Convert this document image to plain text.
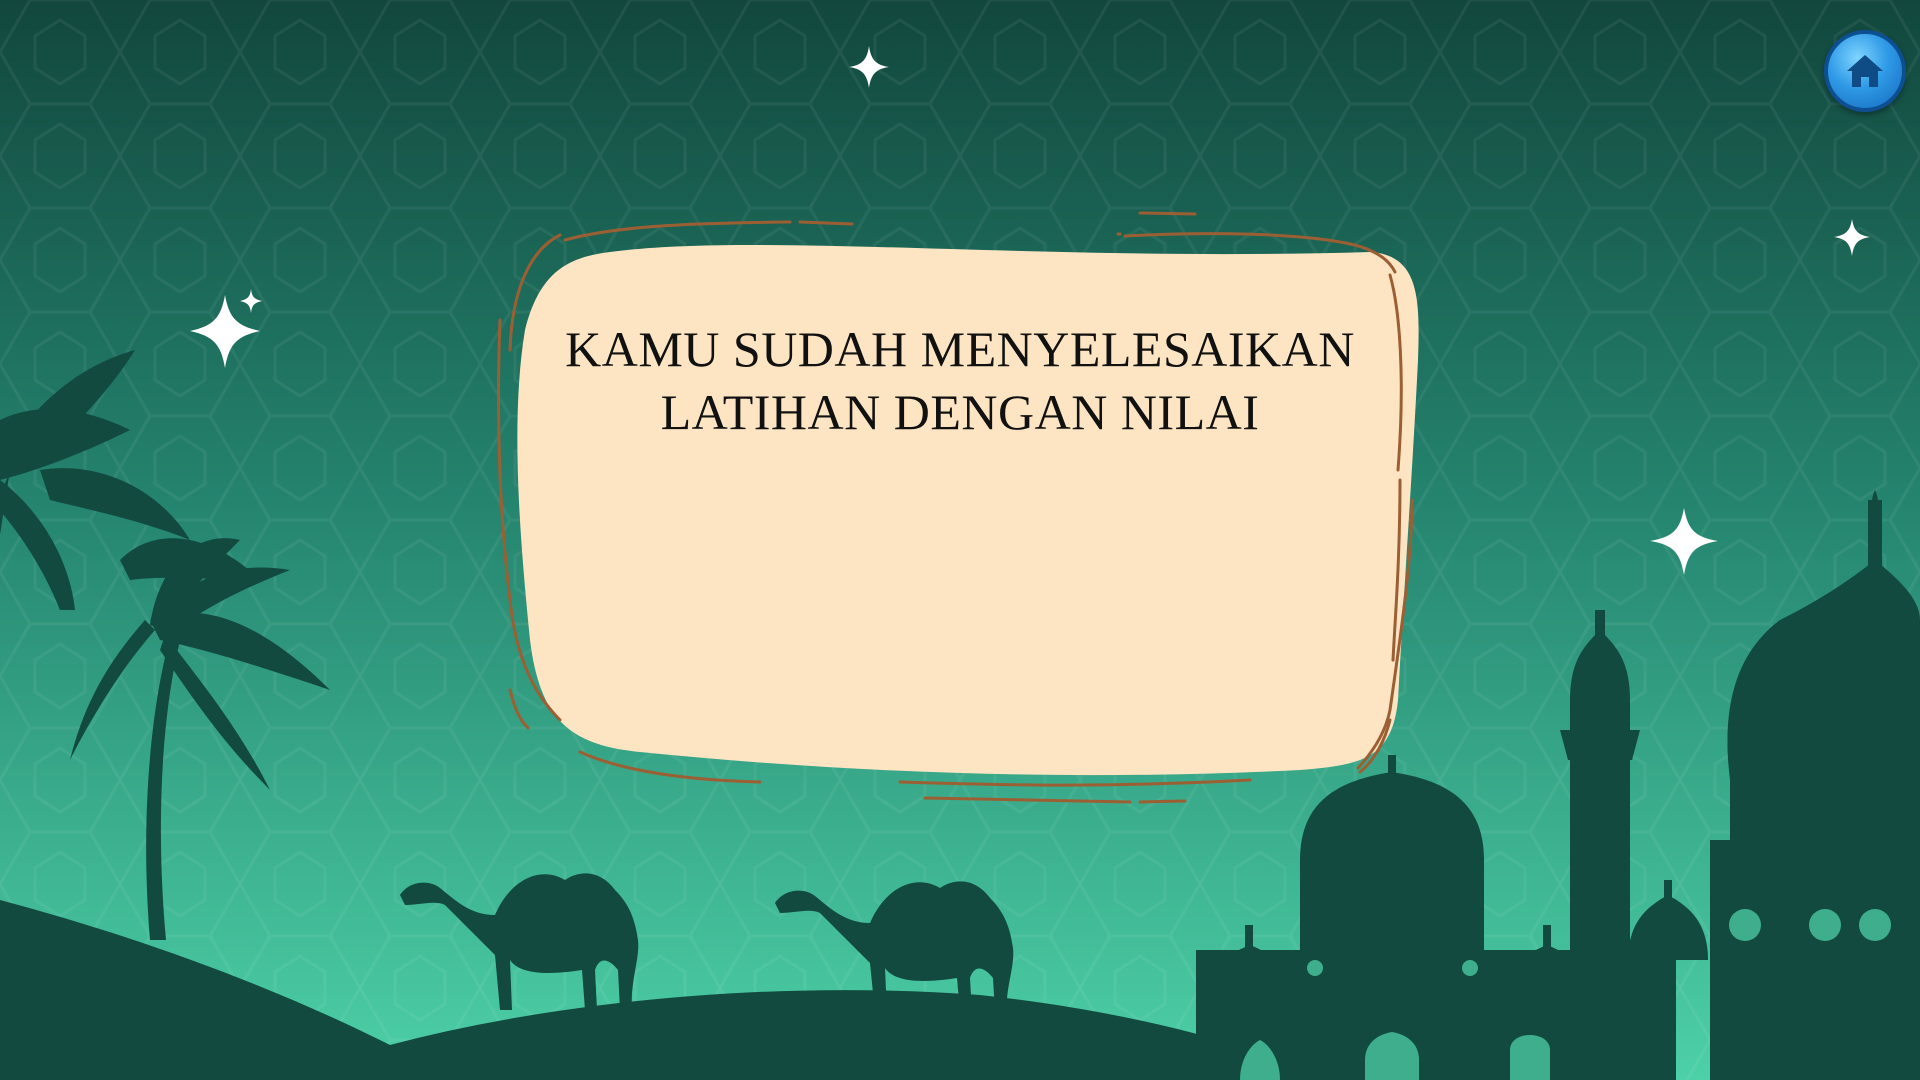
KAMU SUDAH MENYELESAIKAN
LATIHAN DENGAN NILAI
